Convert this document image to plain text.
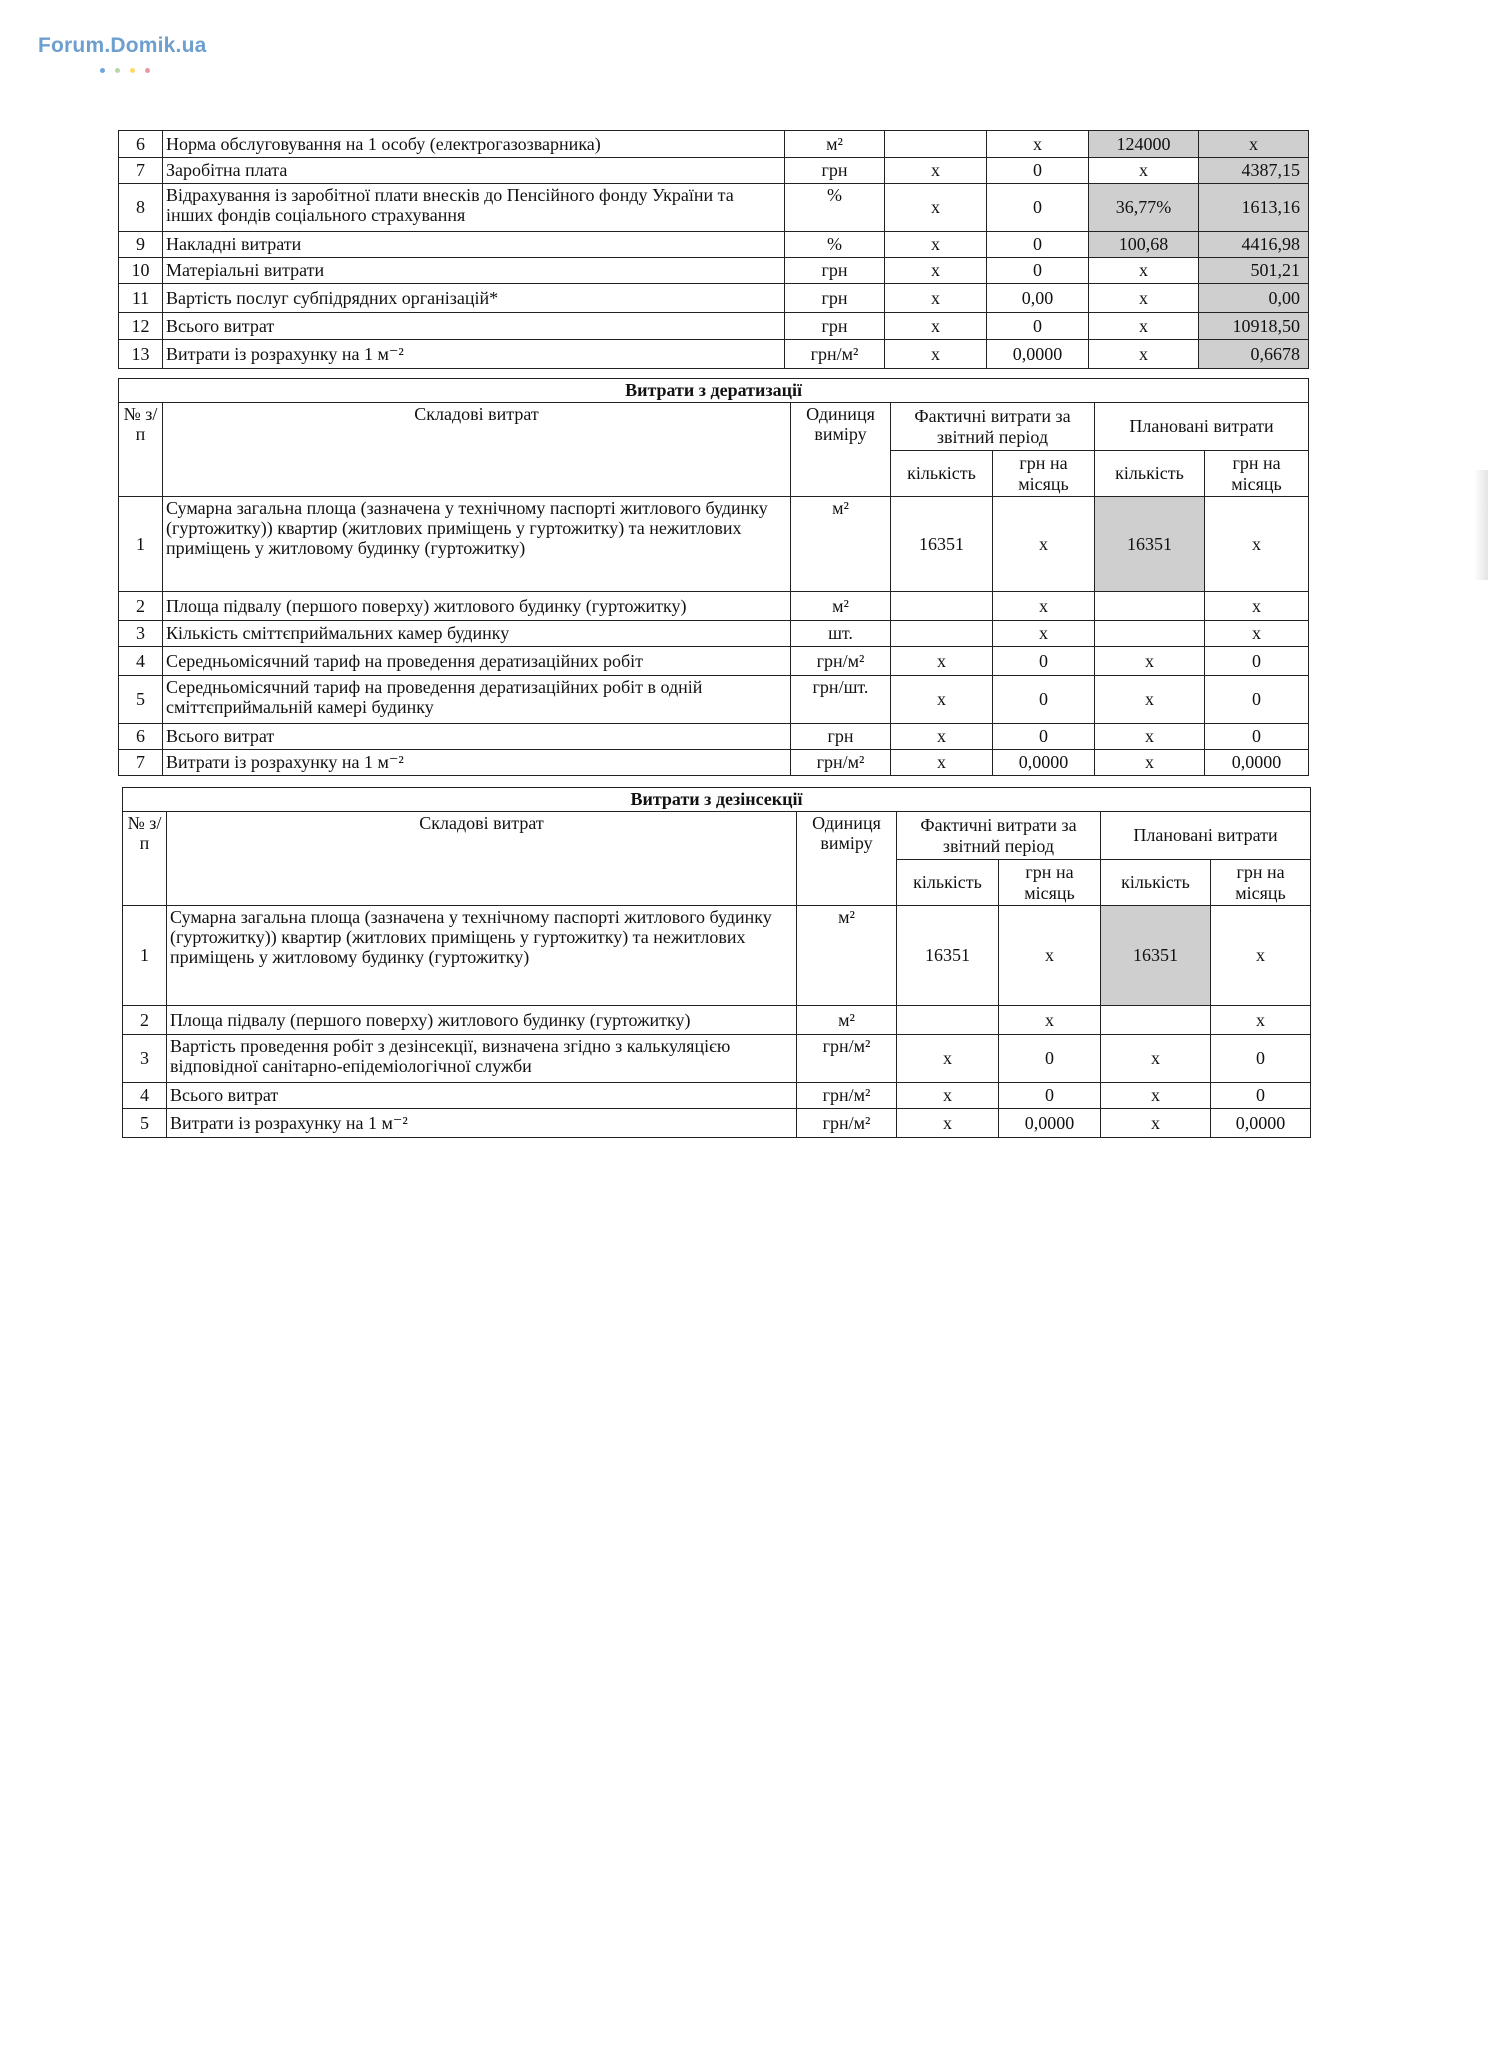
Forum.Domik.ua
6	Норма обслуговування на 1 особу (електрогазозварника)	м²		х	124000	х
7	Заробітна плата	грн	х	0	х	4387,15
8	Відрахування із заробітної плати внесків до Пенсійного фонду України та інших фондів соціального страхування	%	х	0	36,77%	1613,16
9	Накладні витрати	%	х	0	100,68	4416,98
10	Матеріальні витрати	грн	х	0	х	501,21
11	Вартість послуг субпідрядних організацій*	грн	х	0,00	х	0,00
12	Всього витрат	грн	х	0	х	10918,50
13	Витрати із розрахунку на 1 м⁻²	грн/м²	х	0,0000	х	0,6678
Витрати з дератизації						
№ з/п	Складові витрат	Одиниця виміру	Фактичні витрати за звітний період		Плановані витрати	
			кількість	грн на місяць	кількість	грн на місяць
1	Сумарна загальна площа (зазначена у технічному паспорті житлового будинку (гуртожитку)) квартир (житлових приміщень у гуртожитку) та нежитлових приміщень у житловому будинку (гуртожитку)	м²	16351	х	16351	х
2	Площа підвалу (першого поверху) житлового будинку (гуртожитку)	м²		х		х
3	Кількість сміттєприймальних камер будинку	шт.		х		х
4	Середньомісячний тариф на проведення дератизаційних робіт	грн/м²	х	0	х	0
5	Середньомісячний тариф на проведення дератизаційних робіт в одній сміттєприймальній камері будинку	грн/шт.	х	0	х	0
6	Всього витрат	грн	х	0	х	0
7	Витрати із розрахунку на 1 м⁻²	грн/м²	х	0,0000	х	0,0000
Витрати з дезінсекції						
№ з/п	Складові витрат	Одиниця виміру	Фактичні витрати за звітний період		Плановані витрати	
			кількість	грн на місяць	кількість	грн на місяць
1	Сумарна загальна площа (зазначена у технічному паспорті житлового будинку (гуртожитку)) квартир (житлових приміщень у гуртожитку) та нежитлових приміщень у житловому будинку (гуртожитку)	м²	16351	х	16351	х
2	Площа підвалу (першого поверху) житлового будинку (гуртожитку)	м²		х		х
3	Вартість проведення робіт з дезінсекції, визначена згідно з калькуляцією відповідної санітарно-епідеміологічної служби	грн/м²	х	0	х	0
4	Всього витрат	грн/м²	х	0	х	0
5	Витрати із розрахунку на 1 м⁻²	грн/м²	х	0,0000	х	0,0000
